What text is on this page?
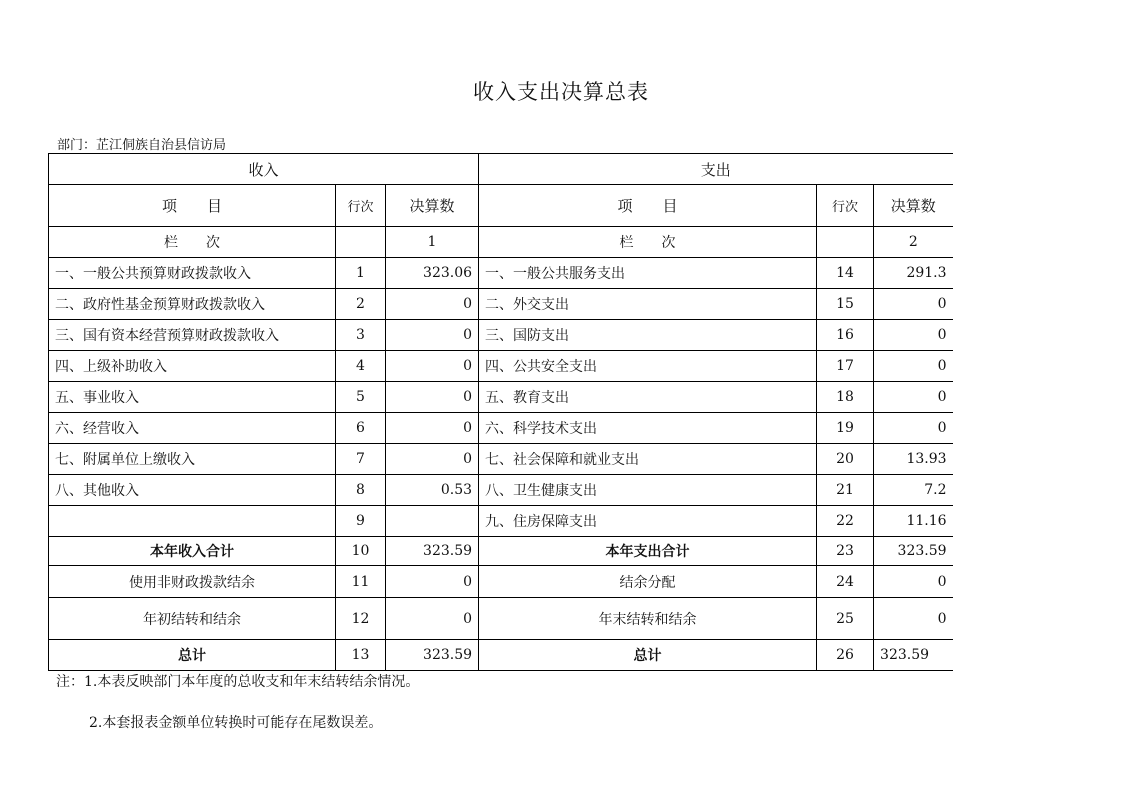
收入支出决算总表
部门：芷江侗族自治县信访局
收入			支出		
项　　目	行次	决算数	项　　目	行次	决算数
栏　　次		1	栏　　次		2
一、一般公共预算财政拨款收入	1	323.06	一、一般公共服务支出	14	291.3
二、政府性基金预算财政拨款收入	2	0	二、外交支出	15	0
三、国有资本经营预算财政拨款收入	3	0	三、国防支出	16	0
四、上级补助收入	4	0	四、公共安全支出	17	0
五、事业收入	5	0	五、教育支出	18	0
六、经营收入	6	0	六、科学技术支出	19	0
七、附属单位上缴收入	7	0	七、社会保障和就业支出	20	13.93
八、其他收入	8	0.53	八、卫生健康支出	21	7.2
	9		九、住房保障支出	22	11.16
本年收入合计	10	323.59	本年支出合计	23	323.59
使用非财政拨款结余	11	0	结余分配	24	0
年初结转和结余	12	0	年末结转和结余	25	0
总计	13	323.59	总计	26	323.59
注：1.本表反映部门本年度的总收支和年末结转结余情况。
2.本套报表金额单位转换时可能存在尾数误差。
